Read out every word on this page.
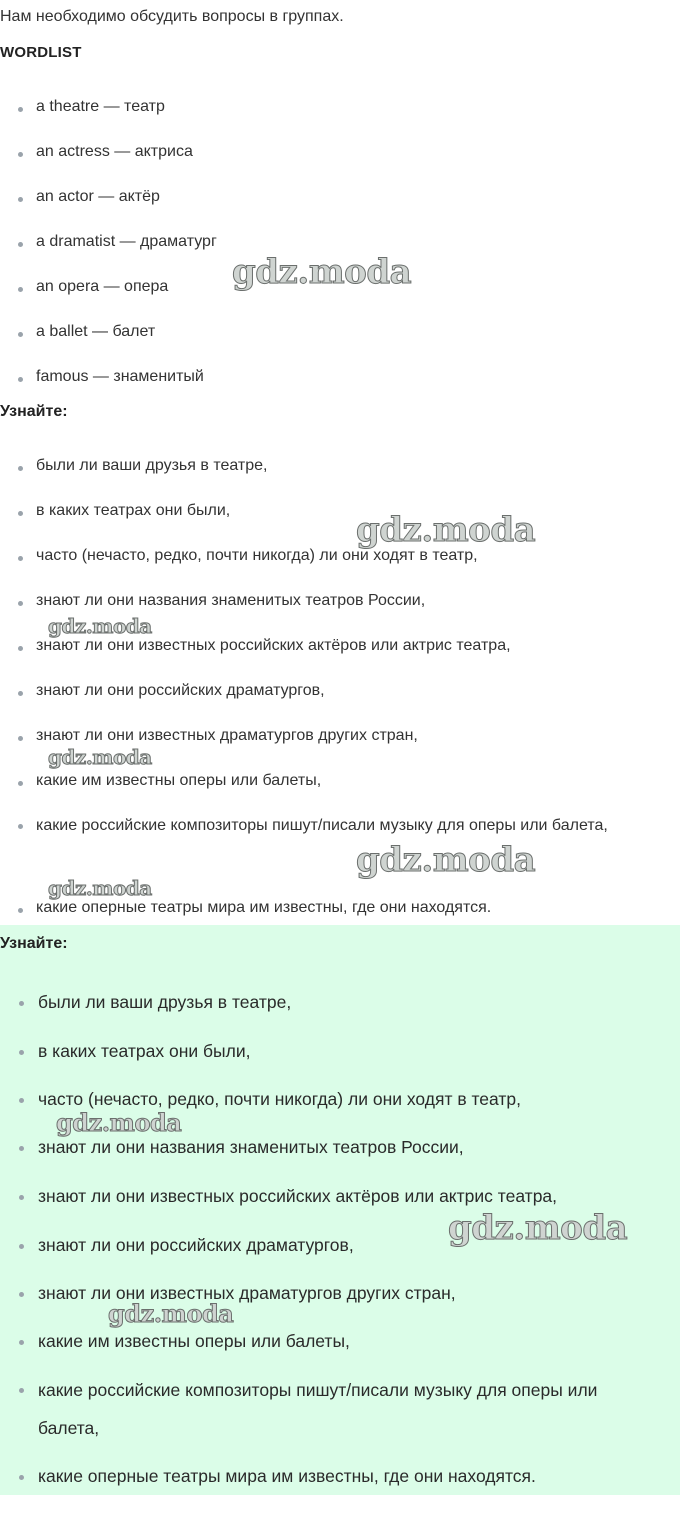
Нам необходимо обсудить вопросы в группах.
WORDLIST
a theatre — театр
an actress — актриса
an actor — актёр
a dramatist — драматург
an opera — опера
a ballet — балет
famous — знаменитый
Узнайте:
были ли ваши друзья в театре,
в каких театрах они были,
часто (нечасто, редко, почти никогда) ли они ходят в театр,
знают ли они названия знаменитых театров России,
знают ли они известных российских актёров или актрис театра,
знают ли они российских драматургов,
знают ли они известных драматургов других стран,
какие им известны оперы или балеты,
какие российские композиторы пишут/писали музыку для оперы или балета,
какие оперные театры мира им известны, где они находятся.
Узнайте:
были ли ваши друзья в театре,
в каких театрах они были,
часто (нечасто, редко, почти никогда) ли они ходят в театр,
знают ли они названия знаменитых театров России,
знают ли они известных российских актёров или актрис театра,
знают ли они российских драматургов,
знают ли они известных драматургов других стран,
какие им известны оперы или балеты,
какие российские композиторы пишут/писали музыку для оперы или балета,
какие оперные театры мира им известны, где они находятся.
gdz.moda
gdz.moda
gdz.moda
gdz.moda
gdz.moda
gdz.moda
gdz.moda
gdz.moda
gdz.moda
